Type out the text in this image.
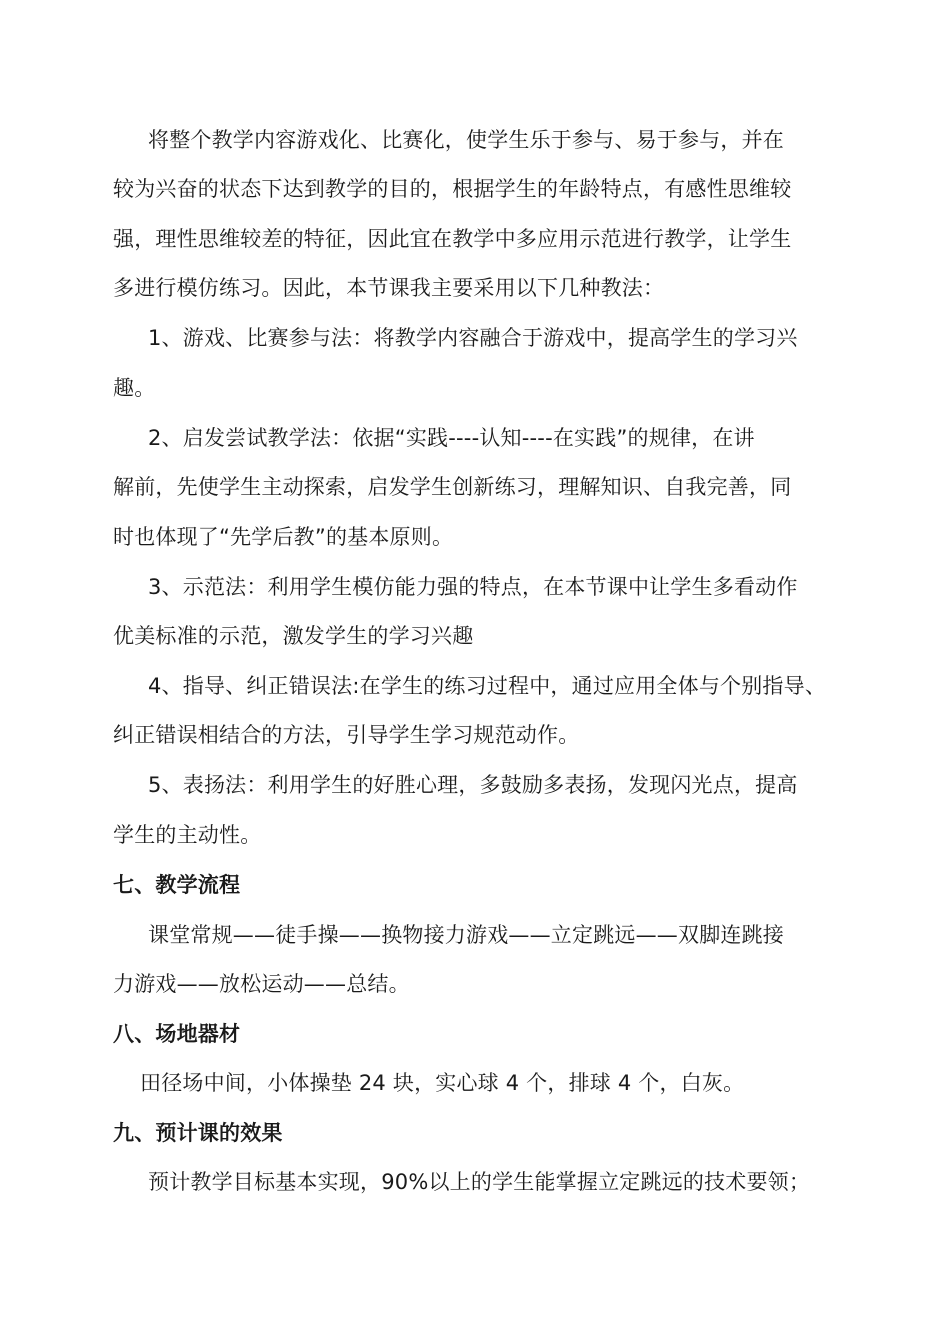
将整个教学内容游戏化、比赛化，使学生乐于参与、易于参与，并在
较为兴奋的状态下达到教学的目的，根据学生的年龄特点，有感性思维较
强，理性思维较差的特征，因此宜在教学中多应用示范进行教学，让学生
多进行模仿练习。因此，本节课我主要采用以下几种教法：
1、游戏、比赛参与法：将教学内容融合于游戏中，提高学生的学习兴
趣。
2、启发尝试教学法：依据“实践----认知----在实践”的规律，在讲
解前，先使学生主动探索，启发学生创新练习，理解知识、自我完善，同
时也体现了“先学后教”的基本原则。
3、示范法：利用学生模仿能力强的特点，在本节课中让学生多看动作
优美标准的示范，激发学生的学习兴趣
4、指导、纠正错误法:在学生的练习过程中，通过应用全体与个别指导、
纠正错误相结合的方法，引导学生学习规范动作。
5、表扬法：利用学生的好胜心理，多鼓励多表扬，发现闪光点，提高
学生的主动性。
七、教学流程
课堂常规——徒手操——换物接力游戏——立定跳远——双脚连跳接
力游戏——放松运动——总结。
八、场地器材
田径场中间，小体操垫 24 块，实心球 4 个，排球 4 个，白灰。
九、预计课的效果
预计教学目标基本实现，90%以上的学生能掌握立定跳远的技术要领；
